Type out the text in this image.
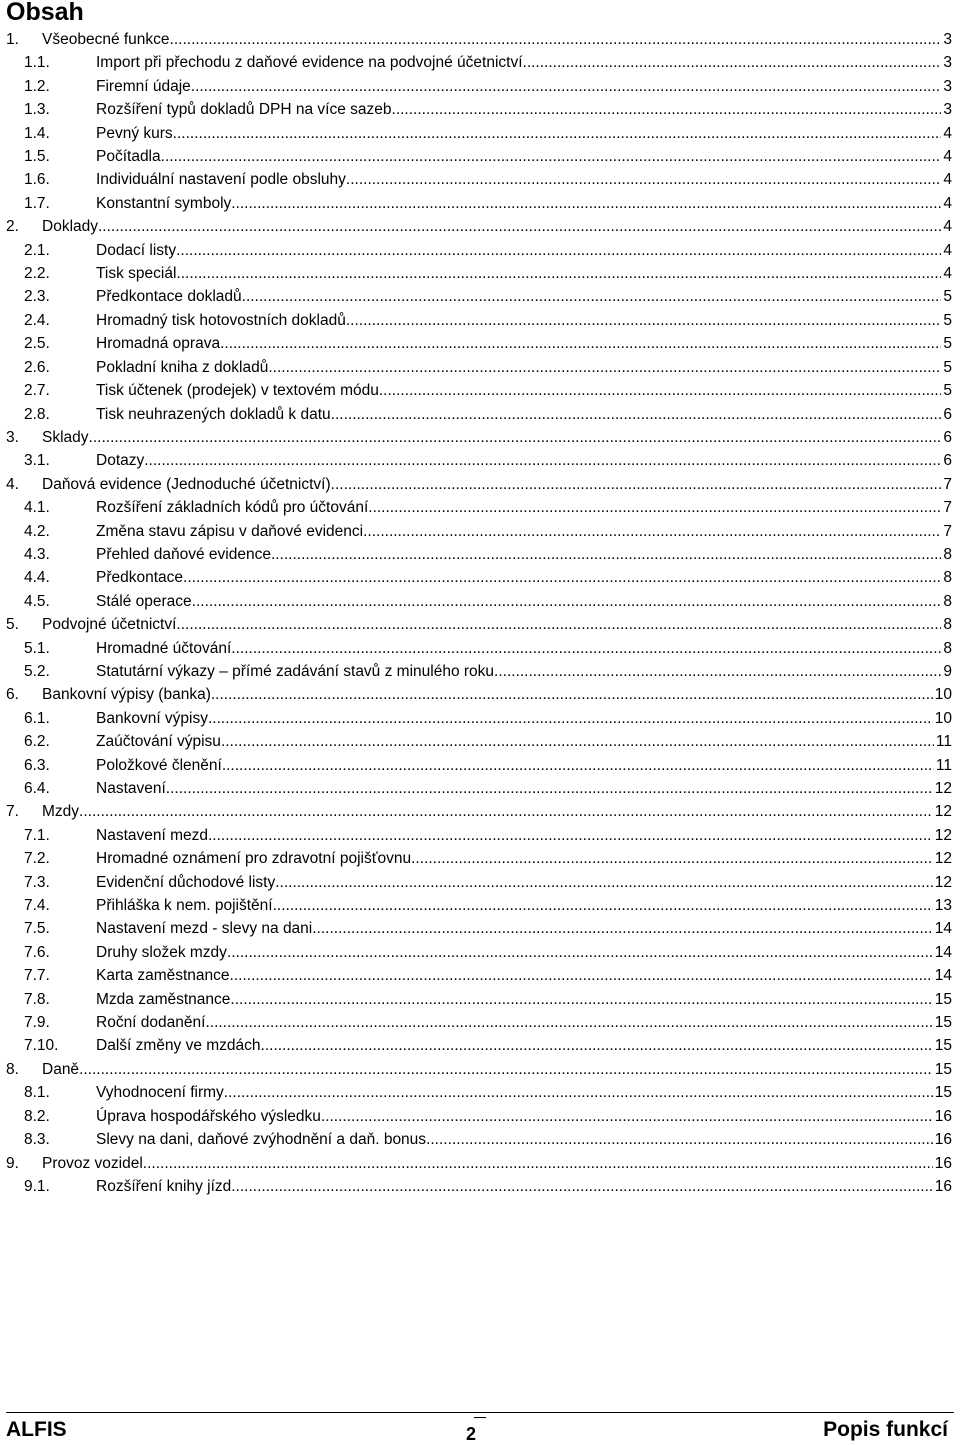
Obsah
1. Všeobecné funkce .....	3
1.1.	Import při přechodu z daňové evidence na podvojné účetnictví .....	3
1.2.	Firemní údaje .....	3
1.3.	Rozšíření typů dokladů DPH na více sazeb .....	3
1.4.	Pevný kurs .....	4
1.5.	Počítadla .....	4
1.6.	Individuální nastavení podle obsluhy .....	4
1.7.	Konstantní symboly .....	4
2. Doklady .....	4
2.1.	Dodací listy .....	4
2.2.	Tisk speciál .....	4
2.3.	Předkontace dokladů .....	5
2.4.	Hromadný tisk hotovostních dokladů .....	5
2.5.	Hromadná oprava .....	5
2.6.	Pokladní kniha z dokladů .....	5
2.7.	Tisk účtenek (prodejek) v textovém módu .....	5
2.8.	Tisk neuhrazených dokladů k datu .....	6
3. Sklady .....	6
3.1.	Dotazy .....	6
4. Daňová evidence (Jednoduché účetnictví) .....	7
4.1.	Rozšíření základních kódů pro účtování .....	7
4.2.	Změna stavu zápisu v daňové evidenci .....	7
4.3.	Přehled daňové evidence .....	8
4.4.	Předkontace .....	8
4.5.	Stálé operace .....	8
5. Podvojné účetnictví .....	8
5.1.	Hromadné účtování .....	8
5.2.	Statutární výkazy – přímé zadávání stavů z minulého roku .....	9
6. Bankovní výpisy (banka) .....	10
6.1.	Bankovní výpisy .....	10
6.2.	Zaúčtování výpisu .....	11
6.3.	Položkové členění .....	11
6.4.	Nastavení .....	12
7. Mzdy .....	12
7.1.	Nastavení mezd .....	12
7.2.	Hromadné oznámení pro zdravotní pojišťovnu .....	12
7.3.	Evidenční důchodové listy .....	12
7.4.	Přihláška k nem. pojištění .....	13
7.5.	Nastavení mezd - slevy na dani .....	14
7.6.	Druhy složek mzdy .....	14
7.7.	Karta zaměstnance .....	14
7.8.	Mzda zaměstnance .....	15
7.9.	Roční dodanění .....	15
7.10. Další změny ve mzdách .....	15
8. Daně .....	15
8.1.	Vyhodnocení firmy .....	15
8.2.	Úprava hospodářského výsledku .....	16
8.3.	Slevy na dani, daňové zvýhodnění a daň. bonus .....	16
9. Provoz vozidel .....	16
9.1.	Rozšíření knihy jízd .....	16
ALFIS	2	Popis funkcí
